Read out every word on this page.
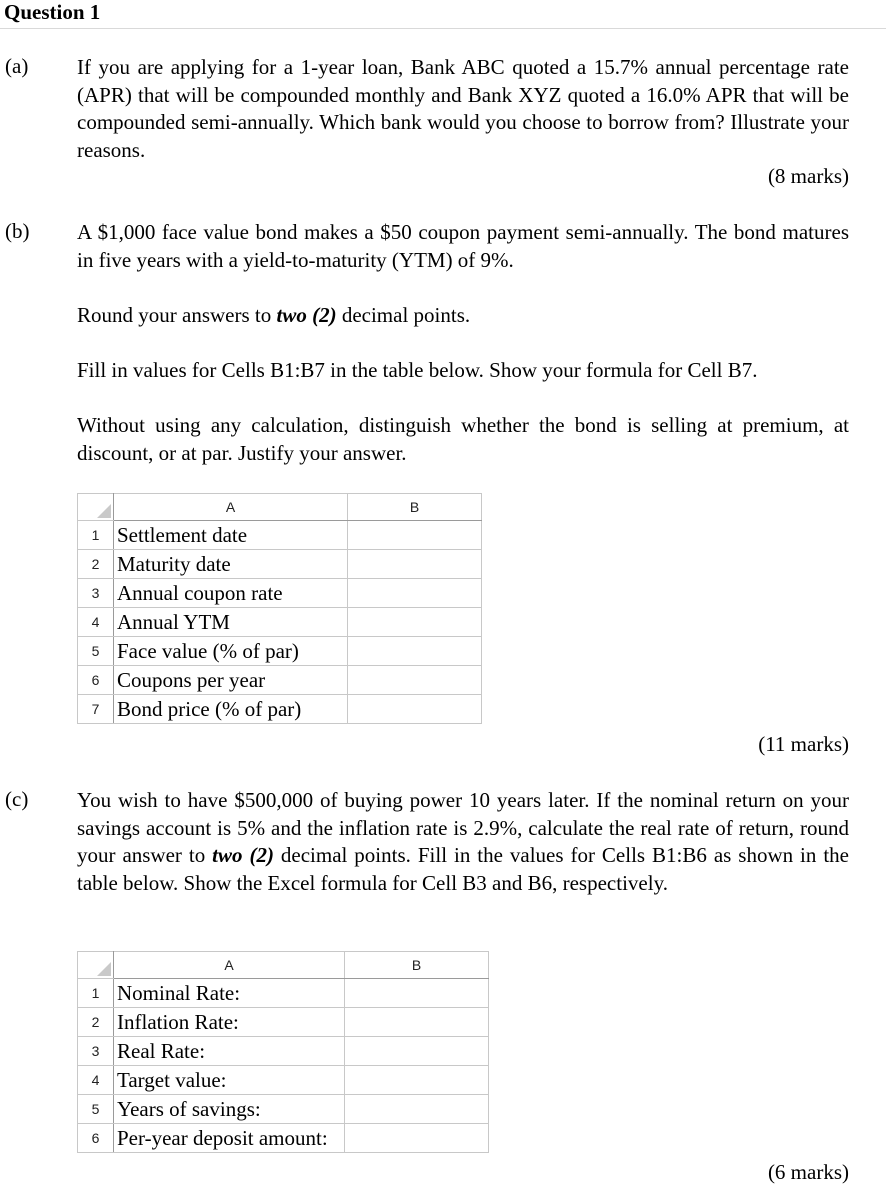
Question 1
(a) If you are applying for a 1-year loan, Bank ABC quoted a 15.7% annual percentage rate (APR) that will be compounded monthly and Bank XYZ quoted a 16.0% APR that will be compounded semi-annually. Which bank would you choose to borrow from? Illustrate your reasons.
(8 marks)
(b) A $1,000 face value bond makes a $50 coupon payment semi-annually. The bond matures in five years with a yield-to-maturity (YTM) of 9%.
Round your answers to two (2) decimal points.
Fill in values for Cells B1:B7 in the table below. Show your formula for Cell B7.
Without using any calculation, distinguish whether the bond is selling at premium, at discount, or at par. Justify your answer.
	A	B
1	Settlement date	
2	Maturity date	
3	Annual coupon rate	
4	Annual YTM	
5	Face value (% of par)	
6	Coupons per year	
7	Bond price (% of par)	
(11 marks)
(c) You wish to have $500,000 of buying power 10 years later. If the nominal return on your savings account is 5% and the inflation rate is 2.9%, calculate the real rate of return, round your answer to two (2) decimal points. Fill in the values for Cells B1:B6 as shown in the table below. Show the Excel formula for Cell B3 and B6, respectively.
	A	B
1	Nominal Rate:	
2	Inflation Rate:	
3	Real Rate:	
4	Target value:	
5	Years of savings:	
6	Per-year deposit amount:	
(6 marks)
